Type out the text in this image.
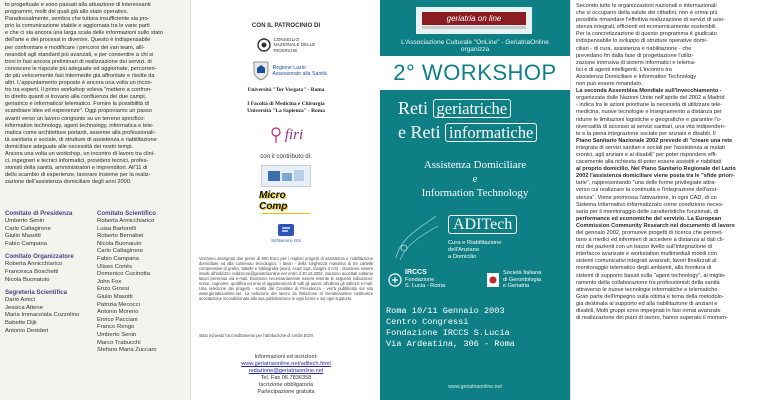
to progettuale e sono passati alla attuazione di interessanti
programmi, molti dei quali già allo stato operativo.
Paradossalmente, sembra che tuttora insufficiente sia pro-
prio la comunicazione stabile e aggiornata tra le varie parti
e che ci sia ancora una larga scala delle informazioni sullo stato
dell'arte e dei processi in divenire. Questo è indispensabile
per confrontare e modificare i percorsi dei vari team, alli-
neandoli agli standard più avanzati, e per consentire a chi si
trovi in fasi ancora preliminari di realizzazione dei servizi, di
conoscere le risposte più adeguate ed aggiornate, percorren-
do più velocemente fasi intermedie già affrontate e risolte da
altri. L'appuntamento proposto è ancora una volta un incon-
tro tra esperti. Il primo workshop voleva "mettere a confron-
to diretto quanti si trovano alla confluenza dei due campi,
geriatrico e informatico/ telematico. Fornire la possibilità di
scambiare idee ed esperienze". Oggi proponiamo un passo
avanti verso un lavoro congiunto su un terreno specifico:
information technology, agent technology, informatica e tele-
matica come architetture portanti, assieme alla professionali-
tà sanitaria e sociale, di strutture di assistenza e riabilitazione
domiciliare adeguate alle necessità dei nostri tempi.
Ancora una volta un workshop, un incontro di lavoro tra clini-
ci, ingegneri e tecnici informatici, providers tecnici, profes-
sionisti della sanità, amministratori e imprenditori. All'11 di
dello scambio di esperienze, lavorare insieme per la realiz-
zazione dell'assistenza domiciliare degli anni 2000.
Comitato di Presidenza
Umberto Senin
Carlo Caltagirone
Giulio Masotti
Fabio Campana
Comitato Organizzatore
Roberta Annicchiarico
Francesca Boschetti
Nicola Buonaiuto
Segreteria Scientifica
Dario Amici
Jessica Attene
Maria Immacolata Cozzolino
Babette Dijk
Antonio Desideri
Comitato Scientifico
Roberta Annicchiarico
Luisa Bartorelli
Roberto Bernabei
Nicola Buonaiuto
Carlo Caltagirone
Fabio Campana
Ulises Cortés
Domenico Cucinotta
John Fox
Enzo Grossi
Giulio Masotti
Patrizia Mecocci
Antonio Moreno
Enrico Pacciani
Franco Rengo
Umberto Senin
Marco Trabucchi
Stefano Maria Zuccaro
CON IL PATROCINIO DI
CONSIGLIO NAZIONALE DELLE RICERCHE
Regione Lazio Assessorato alla Sanità
Università "Tor Vergata" - Roma
I Facoltà di Medicina e Chirurgia
Università "La Sapienza" - Roma
firi
con il contributo di:
Micro Comp
Softservice ISS
Verranno assegnati due premi di 500 Euro per i migliori progetti di assistenza e riabilitazione domiciliare ed alla contenuto tecnologico. I lavori - della lunghezza massima di tre cartelle comprensive di grafici, tabelle e bibliografia (word, Acad 11pt, margini 3 cm) - dovranno essere inviati all'indirizzo redazione@geriatriaonline.net entro il 20.12.2002. Saranno accettati soltanto lavori pervenuti via e-mail. Dovranno necessariamente essere inserite le seguenti indicazioni: nome, cognome, qualifica ed ente di appartenenza di tutti gli autori; all'ultimo gli indirizzi e-mail. Una selezione dei progetti - scelta dal Comitato di Presidenza - verrà pubblicata sul sito www.geriatriaonline.net. La selezione del lavoro da Relazione al Geriatriaonline costituisce accettazione incondizionata alla sua pubblicazione in ogni forma e sui ogni supporto.
stato richiesto l'accreditamento per l'attribuzione di crediti ECM.
Informazioni ed iscrizioni:
www.geriatriaonline.net/aditech.html
redazione@geriatriaonline.net
Tel. Fax 06.7836358
Iscrizione obbligatoria
Partecipazione gratuita
geriatria on line
L'Associazione Culturale "OnLine" - GeriatriaOnline
organizza
2° WORKSHOP
Reti geriatriche
e Reti informatiche
Assistenza Domiciliare
e
Information Technology
ADITech
Cura e Riabilitazione
dell'Anziano
a Domicilio
IRCCS
Fondazione
S. Lucia - Roma
Società Italiana
di Gerontologia
e Geriatria
Roma 10/11 Gennaio 2003
Centro Congressi
Fondazione IRCCS S.Lucia
Via Ardeatina, 306 - Roma
www.geriatriaonline.net
Secondo tutte le organizzazioni nazionali e internazionali
che si occupano della salute dei cittadini, non è ormai più
possibile rimandare l'effettiva realizzazione di servizi di assi-
stenza integrati, efficienti ed economicamente sostenibili.
Per la concretizzazione di questo programma è giudicato
indispensabile lo sviluppo di strutture operative domi-
ciliari - di cura, assistenza e riabilitazione - che
prevedano fin dalla fase di progettazione l'utiliz-
zazione intensiva di sistemi informatici e telema-
tici e di agenti intelligenti. L'incontro tra
Assistenza Domiciliare e Information Technology
non può essere rimandato.
La seconda Assemblea Mondiale sull'Invecchiamento -
organizzata dalle Nazioni Unite nell'aprile del 2002 a Madrid
- indica tra le azioni prioritarie la necessità di utilizzare tele-
medicina, nuove tecnologie e insegnamento a distanza per
ridurre le limitazioni logistiche e geografiche e garantire l'u-
niversalità di accesso ai servizi sanitari, una vita indipenden-
te e la piena integrazione sociale per anziani e disabili. Il
Piano Sanitario Nazionale 2002 prevede di "creare una rete
integrata di servizi sanitari e sociali per l'assistenza ai malati
cronici, agli anziani e ai disabili" per poter rispondere effi-
cacemente alla richiesta di poter essere assistiti e riabilitati
al proprio domicilio. Nel Piano Sanitario Regionale del Lazio
2002 l'assistenza domiciliare viene posta tra le "sfide priori-
tarie", rappresentando "una delle forme privilegiate attra-
verso cui realizzare la continuità e l'integrazione dell'assi-
stenza". Viene promossa l'attivazione, in ogni CAD, di un
Sistema Informativo informatizzato come condizione neces-
saria per il monitoraggio delle caratteristiche funzionali, di
performance ed economiche del servizio. La European
Commission Community Research nel documento di lavoro
del gennaio 2002, promuove progetti di ricerca che permet-
tano a medici ed infermieri di accedere a distanza ai dati cli-
nici dei pazienti con un basso livello sull'integrazione di
interfacce avanzate e workstation multimediali mobili con
sistemi comunicativi integrati avanzati, lavori finalizzati al
monitoraggio telematico degli ambienti, alla fornitura di
sistemi di supporto basati sulla "agent technology", al miglio-
ramento della collaborazione tra professionisti della sanità
attraverso le nuove tecnologie informatiche e telematiche.
Gran parte dell'impegno sulla ottima e tema della metodolo-
gia destinata al supporto ed alla riabilitazione di anziani e
disabili. Molti gruppi sono impegnati in fasi ormai avanzate
di realizzazione dei piani di lavoro, hanno superato il momen-
